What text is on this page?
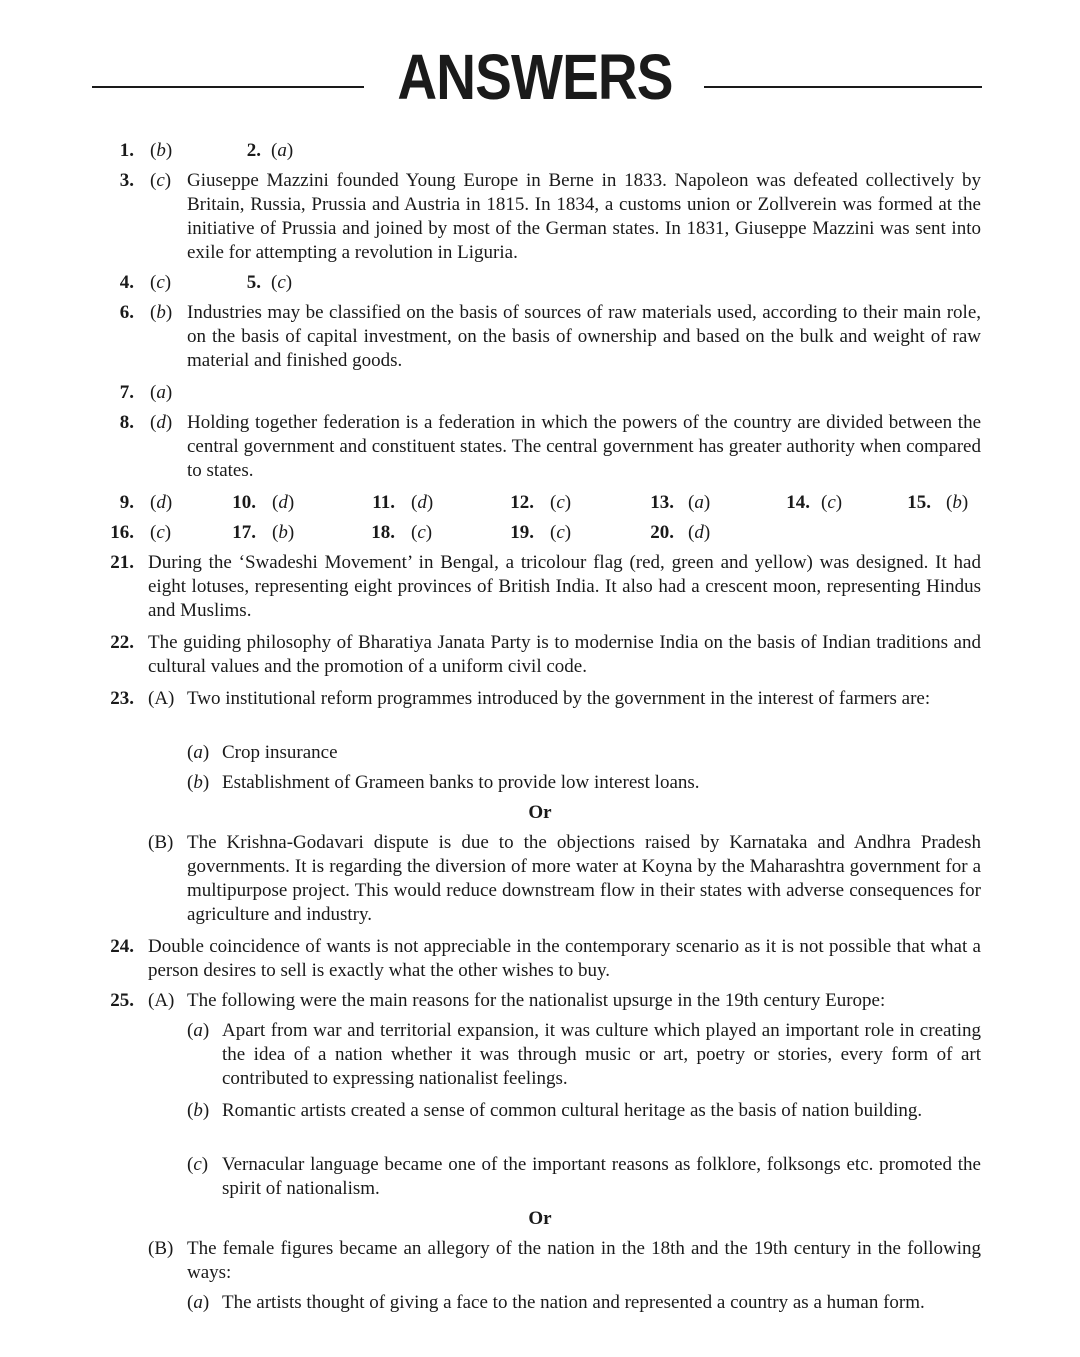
ANSWERS
1. (b)	2. (a)
3. (c) Giuseppe Mazzini founded Young Europe in Berne in 1833. Napoleon was defeated collectively by Britain, Russia, Prussia and Austria in 1815. In 1834, a customs union or Zollverein was formed at the initiative of Prussia and joined by most of the German states. In 1831, Giuseppe Mazzini was sent into exile for attempting a revolution in Liguria.
4. (c)	5. (c)
6. (b) Industries may be classified on the basis of sources of raw materials used, according to their main role, on the basis of capital investment, on the basis of ownership and based on the bulk and weight of raw material and finished goods.
7. (a)
8. (d) Holding together federation is a federation in which the powers of the country are divided between the central government and constituent states. The central government has greater authority when compared to states.
9. (d)	10. (d)	11. (d)	12. (c)	13. (a)	14. (c)	15. (b)
16. (c)	17. (b)	18. (c)	19. (c)	20. (d)
21. During the ‘Swadeshi Movement’ in Bengal, a tricolour flag (red, green and yellow) was designed. It had eight lotuses, representing eight provinces of British India. It also had a crescent moon, representing Hindus and Muslims.
22. The guiding philosophy of Bharatiya Janata Party is to modernise India on the basis of Indian traditions and cultural values and the promotion of a uniform civil code.
23. (A) Two institutional reform programmes introduced by the government in the interest of farmers are:
(a) Crop insurance
(b) Establishment of Grameen banks to provide low interest loans.
Or
(B) The Krishna-Godavari dispute is due to the objections raised by Karnataka and Andhra Pradesh governments. It is regarding the diversion of more water at Koyna by the Maharashtra government for a multipurpose project. This would reduce downstream flow in their states with adverse consequences for agriculture and industry.
24. Double coincidence of wants is not appreciable in the contemporary scenario as it is not possible that what a person desires to sell is exactly what the other wishes to buy.
25. (A) The following were the main reasons for the nationalist upsurge in the 19th century Europe:
(a) Apart from war and territorial expansion, it was culture which played an important role in creating the idea of a nation whether it was through music or art, poetry or stories, every form of art contributed to expressing nationalist feelings.
(b) Romantic artists created a sense of common cultural heritage as the basis of nation building.
(c) Vernacular language became one of the important reasons as folklore, folksongs etc. promoted the spirit of nationalism.
Or
(B) The female figures became an allegory of the nation in the 18th and the 19th century in the following ways:
(a) The artists thought of giving a face to the nation and represented a country as a human form.
